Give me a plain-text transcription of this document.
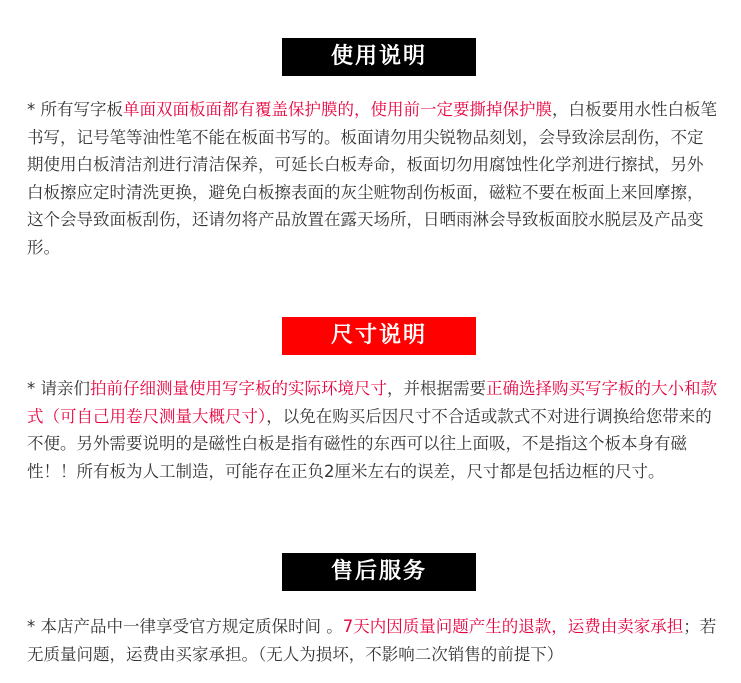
使用说明

* 所有写字板单面双面板面都有覆盖保护膜的，使用前一定要撕掉保护膜，白板要用水性白板笔书写，记号笔等油性笔不能在板面书写的。板面请勿用尖锐物品刻划，会导致涂层刮伤，不定期使用白板清洁剂进行清洁保养，可延长白板寿命，板面切勿用腐蚀性化学剂进行擦拭，另外白板擦应定时清洗更换，避免白板擦表面的灰尘赃物刮伤板面，磁粒不要在板面上来回摩擦，这个会导致面板刮伤，还请勿将产品放置在露天场所，日晒雨淋会导致板面胶水脱层及产品变形。

尺寸说明

* 请亲们拍前仔细测量使用写字板的实际环境尺寸，并根据需要正确选择购买写字板的大小和款式（可自己用卷尺测量大概尺寸），以免在购买后因尺寸不合适或款式不对进行调换给您带来的不便。另外需要说明的是磁性白板是指有磁性的东西可以往上面吸，不是指这个板本身有磁性！！所有板为人工制造，可能存在正负2厘米左右的误差，尺寸都是包括边框的尺寸。

售后服务

* 本店产品中一律享受官方规定质保时间 。7天内因质量问题产生的退款，运费由卖家承担；若无质量问题，运费由买家承担。（无人为损坏，不影响二次销售的前提下）
